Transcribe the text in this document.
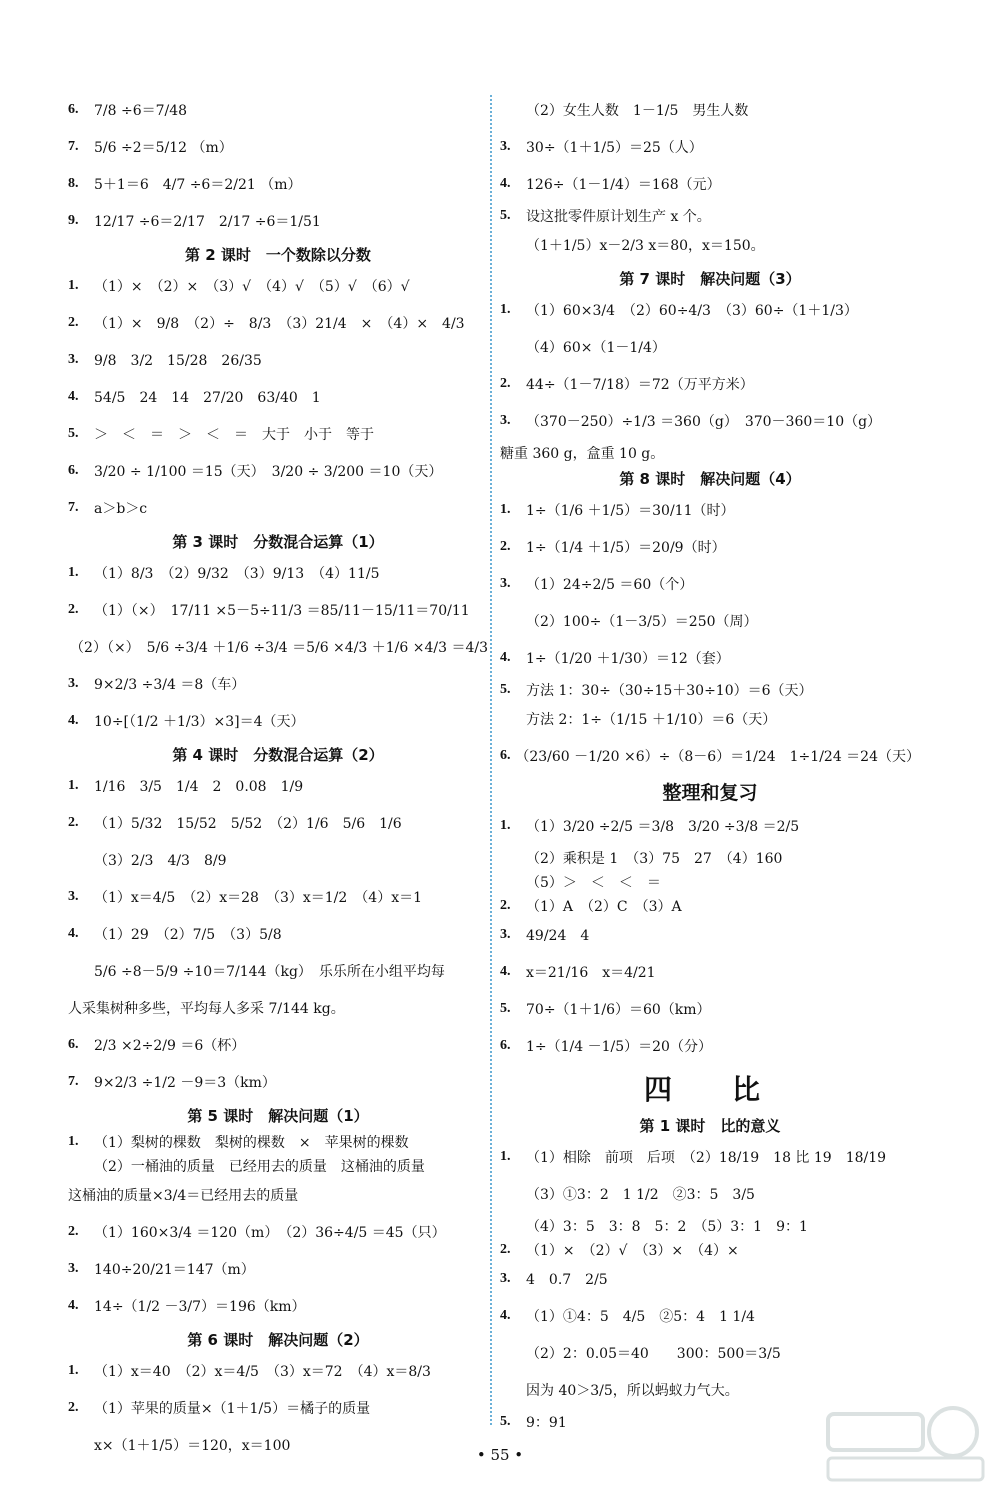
6.	7/8 ÷6＝7/48
7.	5/6 ÷2＝5/12 （m）
8.	5＋1＝6　4/7 ÷6＝2/21 （m）
9.	12/17 ÷6＝2/17　2/17 ÷6＝1/51
第 2 课时　一个数除以分数
1.	（1）×　（2）×　（3）√　（4）√　（5）√　（6）√
2.	（1）×　9/8　（2）÷　8/3　（3）21/4　×　（4）×　4/3
3.	9/8　3/2　15/28　26/35
4.	54/5　24　14　27/20　63/40　1
5.	＞　＜　＝　＞　＜　＝　大于　小于　等于
6.	3/20 ÷ 1/100 ＝15（天）　3/20 ÷ 3/200 ＝10（天）
7.	a＞b＞c
第 3 课时　分数混合运算（1）
1.	（1）8/3　（2）9/32　（3）9/13　（4）11/5
2.	（1）（×）　17/11 ×5－5÷11/3 ＝85/11－15/11＝70/11
（2）（×）　5/6 ÷3/4 ＋1/6 ÷3/4 ＝5/6 ×4/3 ＋1/6 ×4/3 ＝4/3
3.	9×2/3 ÷3/4 ＝8（车）
4.	10÷[（1/2 ＋1/3）×3]＝4（天）
第 4 课时　分数混合运算（2）
1.	1/16　3/5　1/4　2　0.08　1/9
2.	（1）5/32　15/52　5/52　（2）1/6　5/6　1/6
（3）2/3　4/3　8/9
3.	（1）x＝4/5　（2）x＝28　（3）x＝1/2　（4）x＝1
4.	（1）29　（2）7/5　（3）5/8
5/6 ÷8－5/9 ÷10＝7/144（kg）　乐乐所在小组平均每
人采集树种多些，平均每人多采 7/144 kg。
6.	2/3 ×2÷2/9 ＝6（杯）
7.	9×2/3 ÷1/2 －9＝3（km）
第 5 课时　解决问题（1）
1.	（1）梨树的棵数　梨树的棵数　×　苹果树的棵数
（2）一桶油的质量　已经用去的质量　这桶油的质量
这桶油的质量×3/4＝已经用去的质量
2.	（1）160×3/4 ＝120（m）　（2）36÷4/5 ＝45（只）
3.	140÷20/21＝147（m）
4.	14÷（1/2 －3/7）＝196（km）
第 6 课时　解决问题（2）
1.	（1）x＝40　（2）x＝4/5　（3）x＝72　（4）x＝8/3
2.	（1）苹果的质量×（1＋1/5）＝橘子的质量
x×（1＋1/5）＝120，x＝100
（2）女生人数　1－1/5　男生人数
3.	30÷（1＋1/5）＝25（人）
4.	126÷（1－1/4）＝168（元）
5.	设这批零件原计划生产 x 个。
（1＋1/5）x－2/3 x＝80，x＝150。
第 7 课时　解决问题（3）
1.	（1）60×3/4　（2）60÷4/3　（3）60÷（1＋1/3）
（4）60×（1－1/4）
2.	44÷（1－7/18）＝72（万平方米）
3.	（370－250）÷1/3 ＝360（g）　370－360＝10（g）
糖重 360 g，盒重 10 g。
第 8 课时　解决问题（4）
1.	1÷（1/6 ＋1/5）＝30/11（时）
2.	1÷（1/4 ＋1/5）＝20/9（时）
3.	（1）24÷2/5 ＝60（个）
（2）100÷（1－3/5）＝250（周）
4.	1÷（1/20 ＋1/30）＝12（套）
5.	方法 1：30÷（30÷15＋30÷10）＝6（天）
方法 2：1÷（1/15 ＋1/10）＝6（天）
6. （23/60 －1/20 ×6）÷（8－6）＝1/24　1÷1/24 ＝24（天）
整理和复习
1.	（1）3/20 ÷2/5 ＝3/8　3/20 ÷3/8 ＝2/5
（2）乘积是 1　（3）75　27　（4）160
（5）＞　＜　＜　＝
2.	（1）A　（2）C　（3）A
3.	49/24　4
4.	x＝21/16　x＝4/21
5.	70÷（1＋1/6）＝60（km）
6.	1÷（1/4 －1/5）＝20（分）
四　比
第 1 课时　比的意义
1.	（1）相除　前项　后项　（2）18/19　18 比 19　18/19
（3）①3：2　1 1/2　②3：5　3/5
（4）3：5　3：8　5：2　（5）3：1　9：1
2.	（1）×　（2）√　（3）×　（4）×
3.	4　0.7　2/5
4.	（1）①4：5　4/5　②5：4　1 1/4
（2）2：0.05＝40　　300：500＝3/5
因为 40＞3/5，所以蚂蚁力气大。
5.	9：91
• 55 •
